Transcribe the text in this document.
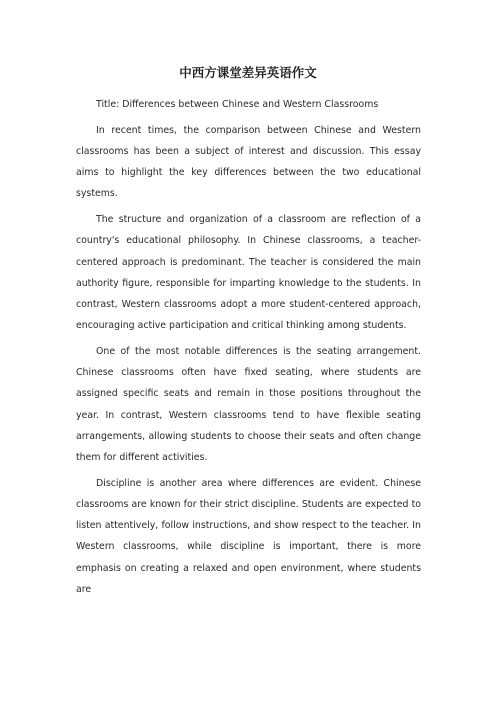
中西方课堂差异英语作文

Title: Differences between Chinese and Western Classrooms

In recent times, the comparison between Chinese and Western classrooms has been a subject of interest and discussion. This essay aims to highlight the key differences between the two educational systems.

The structure and organization of a classroom are reflection of a country's educational philosophy. In Chinese classrooms, a teacher-centered approach is predominant. The teacher is considered the main authority figure, responsible for imparting knowledge to the students. In contrast, Western classrooms adopt a more student-centered approach, encouraging active participation and critical thinking among students.

One of the most notable differences is the seating arrangement. Chinese classrooms often have fixed seating, where students are assigned specific seats and remain in those positions throughout the year. In contrast, Western classrooms tend to have flexible seating arrangements, allowing students to choose their seats and often change them for different activities.

Discipline is another area where differences are evident. Chinese classrooms are known for their strict discipline. Students are expected to listen attentively, follow instructions, and show respect to the teacher. In Western classrooms, while discipline is important, there is more emphasis on creating a relaxed and open environment, where students are
